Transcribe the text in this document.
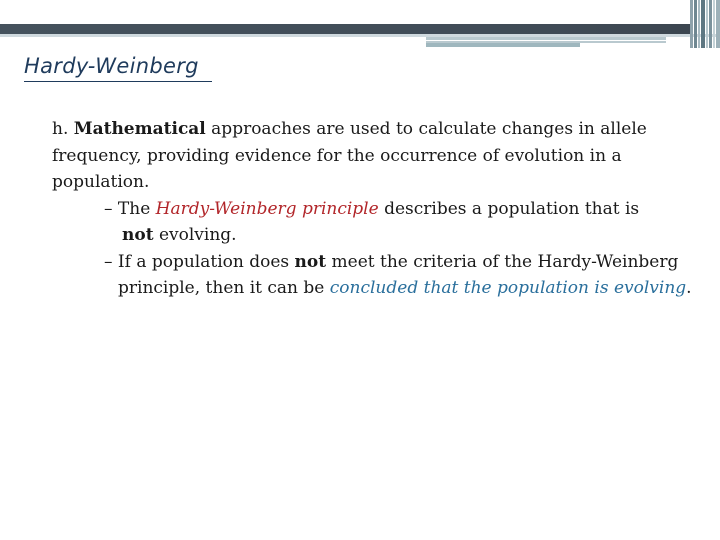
Hardy-Weinberg

h. Mathematical approaches are used to calculate changes in allele frequency, providing evidence for the occurrence of evolution in a population.

– The Hardy-Weinberg principle describes a population that is
not evolving.

– If a population does not meet the criteria of the Hardy-Weinberg principle, then it can be concluded that the population is evolving.
